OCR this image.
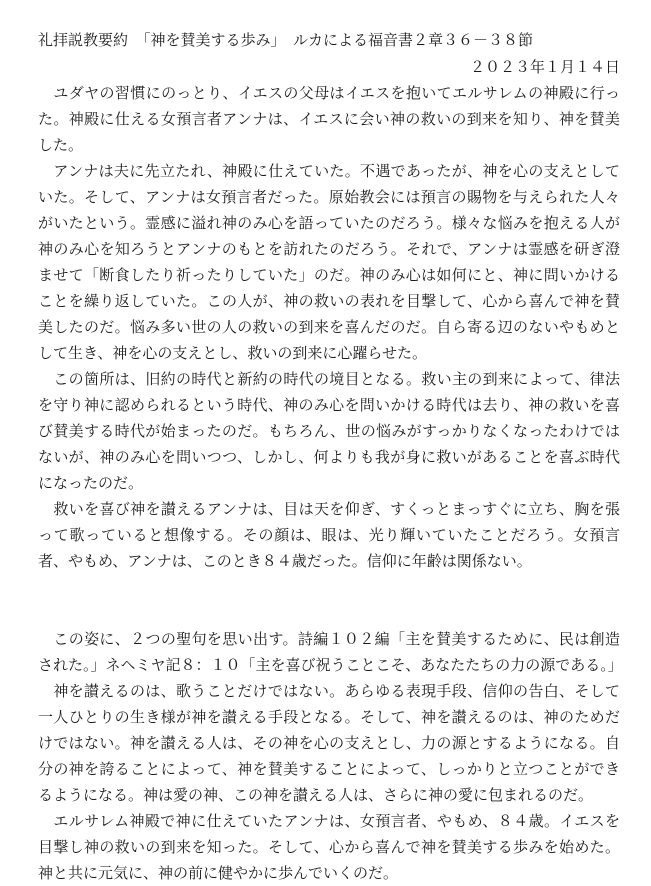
礼拝説教要約　「神を賛美する歩み」　ルカによる福音書２章３６－３８節
２０２３年１月１４日

　ユダヤの習慣にのっとり、イエスの父母はイエスを抱いてエルサレムの神殿に行った。神殿に仕える女預言者アンナは、イエスに会い神の救いの到来を知り、神を賛美した。

　アンナは夫に先立たれ、神殿に仕えていた。不遇であったが、神を心の支えとしていた。そして、アンナは女預言者だった。原始教会には預言の賜物を与えられた人々がいたという。霊感に溢れ神のみ心を語っていたのだろう。様々な悩みを抱える人が神のみ心を知ろうとアンナのもとを訪れたのだろう。それで、アンナは霊感を研ぎ澄ませて「断食したり祈ったりしていた」のだ。神のみ心は如何にと、神に問いかけることを繰り返していた。この人が、神の救いの表れを目撃して、心から喜んで神を賛美したのだ。悩み多い世の人の救いの到来を喜んだのだ。自ら寄る辺のないやもめとして生き、神を心の支えとし、救いの到来に心躍らせた。

　この箇所は、旧約の時代と新約の時代の境目となる。救い主の到来によって、律法を守り神に認められるという時代、神のみ心を問いかける時代は去り、神の救いを喜び賛美する時代が始まったのだ。もちろん、世の悩みがすっかりなくなったわけではないが、神のみ心を問いつつ、しかし、何よりも我が身に救いがあることを喜ぶ時代になったのだ。

　救いを喜び神を讃えるアンナは、目は天を仰ぎ、すくっとまっすぐに立ち、胸を張って歌っていると想像する。その顔は、眼は、光り輝いていたことだろう。女預言者、やもめ、アンナは、このとき８４歳だった。信仰に年齢は関係ない。

　この姿に、２つの聖句を思い出す。詩編１０２編「主を賛美するために、民は創造された。」ネヘミヤ記８：１０「主を喜び祝うことこそ、あなたたちの力の源である。」

　神を讃えるのは、歌うことだけではない。あらゆる表現手段、信仰の告白、そして一人ひとりの生き様が神を讃える手段となる。そして、神を讃えるのは、神のためだけではない。神を讃える人は、その神を心の支えとし、力の源とするようになる。自分の神を誇ることによって、神を賛美することによって、しっかりと立つことができるようになる。神は愛の神、この神を讃える人は、さらに神の愛に包まれるのだ。

　エルサレム神殿で神に仕えていたアンナは、女預言者、やもめ、８４歳。イエスを目撃し神の救いの到来を知った。そして、心から喜んで神を賛美する歩みを始めた。神と共に元気に、神の前に健やかに歩んでいくのだ。
